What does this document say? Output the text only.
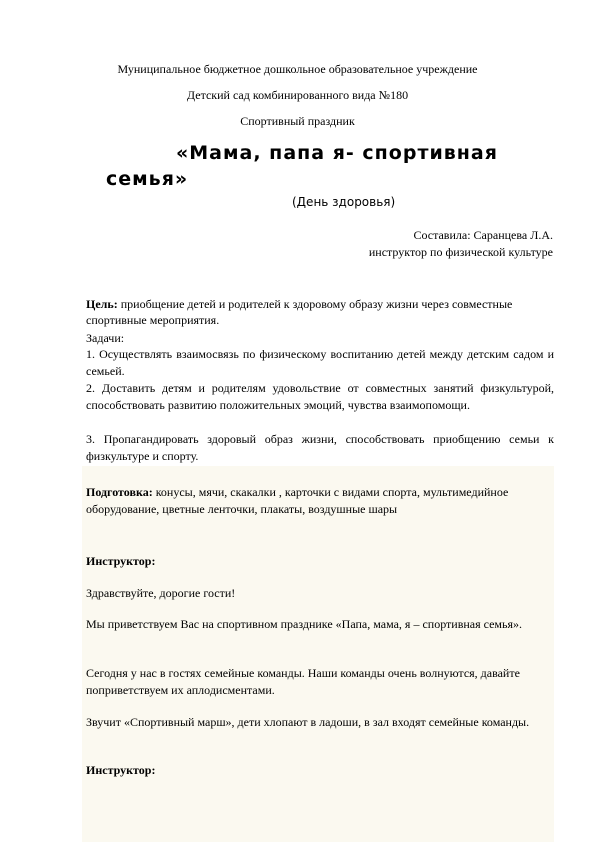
Муниципальное бюджетное дошкольное образовательное учреждение
Детский сад комбинированного вида №180
Спортивный праздник
«Мама, папа я- спортивная
семья»
(День здоровья)
Составила: Саранцева Л.А.
инструктор по физической культуре
Цель: приобщение детей и родителей к здоровому образу жизни через совместные спортивные мероприятия.
Задачи:
1. Осуществлять взаимосвязь по физическому воспитанию детей между детским садом и семьей.
2. Доставить детям и родителям удовольствие от совместных занятий физкультурой, способствовать развитию положительных эмоций, чувства взаимопомощи.
3. Пропагандировать здоровый образ жизни, способствовать приобщению семьи к физкультуре и спорту.
Подготовка: конусы, мячи, скакалки , карточки с видами спорта, мультимедийное оборудование, цветные ленточки, плакаты, воздушные шары
Инструктор:
Здравствуйте, дорогие гости!
Мы приветствуем Вас на спортивном празднике «Папа, мама, я – спортивная семья».
Сегодня у нас в гостях семейные команды. Наши команды очень волнуются, давайте поприветствуем их аплодисментами.
Звучит «Спортивный марш», дети хлопают в ладоши, в зал входят семейные команды.
Инструктор:
